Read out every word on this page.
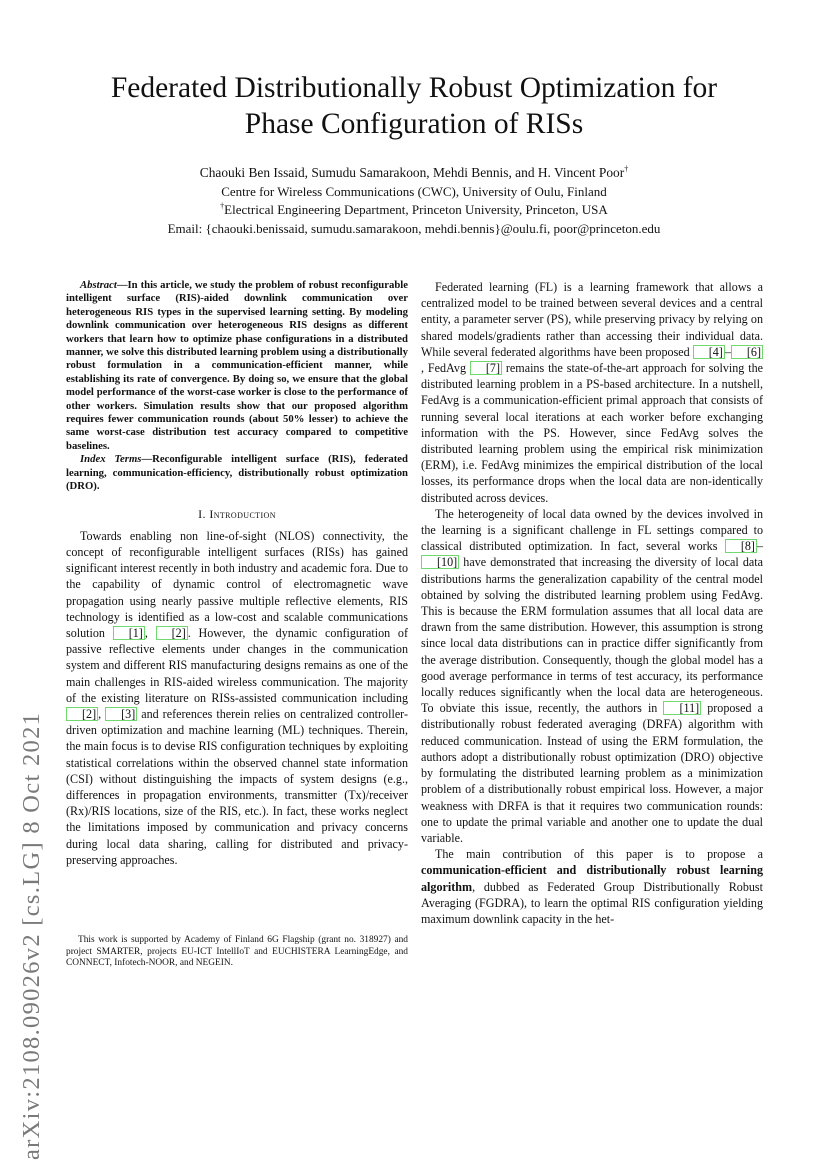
Federated Distributionally Robust Optimization for
Phase Configuration of RISs
Chaouki Ben Issaid, Sumudu Samarakoon, Mehdi Bennis, and H. Vincent Poor†
Centre for Wireless Communications (CWC), University of Oulu, Finland
†Electrical Engineering Department, Princeton University, Princeton, USA
Email: {chaouki.benissaid, sumudu.samarakoon, mehdi.bennis}@oulu.fi, poor@princeton.edu
arXiv:2108.09026v2 [cs.LG] 8 Oct 2021

Abstract—In this article, we study the problem of robust reconfigurable intelligent surface (RIS)-aided downlink communication over heterogeneous RIS types in the supervised learning setting. By modeling downlink communication over heterogeneous RIS designs as different workers that learn how to optimize phase configurations in a distributed manner, we solve this distributed learning problem using a distributionally robust formulation in a communication-efficient manner, while establishing its rate of convergence. By doing so, we ensure that the global model performance of the worst-case worker is close to the performance of other workers. Simulation results show that our proposed algorithm requires fewer communication rounds (about 50% lesser) to achieve the same worst-case distribution test accuracy compared to competitive baselines.

Index Terms—Reconfigurable intelligent surface (RIS), federated learning, communication-efficiency, distributionally robust optimization (DRO).

I. Introduction

Towards enabling non line-of-sight (NLOS) connectivity, the concept of reconfigurable intelligent surfaces (RISs) has gained significant interest recently in both industry and academic fora. Due to the capability of dynamic control of electromagnetic wave propagation using nearly passive multiple reflective elements, RIS technology is identified as a low-cost and scalable communications solution [1] , [2] . However, the dynamic configuration of passive reflective elements under changes in the communication system and different RIS manufacturing designs remains as one of the main challenges in RIS-aided wireless communication. The majority of the existing literature on RISs-assisted communication including [2] , [3] and references therein relies on centralized controller-driven optimization and machine learning (ML) techniques. Therein, the main focus is to devise RIS configuration techniques by exploiting statistical correlations within the observed channel state information (CSI) without distinguishing the impacts of system designs (e.g., differences in propagation environments, transmitter (Tx)/receiver (Rx)/RIS locations, size of the RIS, etc.). In fact, these works neglect the limitations imposed by communication and privacy concerns during local data sharing, calling for distributed and privacy-preserving approaches.

This work is supported by Academy of Finland 6G Flagship (grant no. 318927) and project SMARTER, projects EU-ICT IntellIoT and EUCHISTERA LearningEdge, and CONNECT, Infotech-NOOR, and NEGEIN.

Federated learning (FL) is a learning framework that allows a centralized model to be trained between several devices and a central entity, a parameter server (PS), while preserving privacy by relying on shared models/gradients rather than accessing their individual data. While several federated algorithms have been proposed [4] – [6], FedAvg [7] remains the state-of-the-art approach for solving the distributed learning problem in a PS-based architecture. In a nutshell, FedAvg is a communication-efficient primal approach that consists of running several local iterations at each worker before exchanging information with the PS. However, since FedAvg solves the distributed learning problem using the empirical risk minimization (ERM), i.e. FedAvg minimizes the empirical distribution of the local losses, its performance drops when the local data are non-identically distributed across devices.

The heterogeneity of local data owned by the devices involved in the learning is a significant challenge in FL settings compared to classical distributed optimization. In fact, several works [8] –[10] have demonstrated that increasing the diversity of local data distributions harms the generalization capability of the central model obtained by solving the distributed learning problem using FedAvg. This is because the ERM formulation assumes that all local data are drawn from the same distribution. However, this assumption is strong since local data distributions can in practice differ significantly from the average distribution. Consequently, though the global model has a good average performance in terms of test accuracy, its performance locally reduces significantly when the local data are heterogeneous. To obviate this issue, recently, the authors in [11] proposed a distributionally robust federated averaging (DRFA) algorithm with reduced communication. Instead of using the ERM formulation, the authors adopt a distributionally robust optimization (DRO) objective by formulating the distributed learning problem as a minimization problem of a distributionally robust empirical loss. However, a major weakness with DRFA is that it requires two communication rounds: one to update the primal variable and another one to update the dual variable.

The main contribution of this paper is to propose a communication-efficient and distributionally robust learning algorithm, dubbed as Federated Group Distributionally Robust Averaging (FGDRA), to learn the optimal RIS configuration yielding maximum downlink capacity in the het-
